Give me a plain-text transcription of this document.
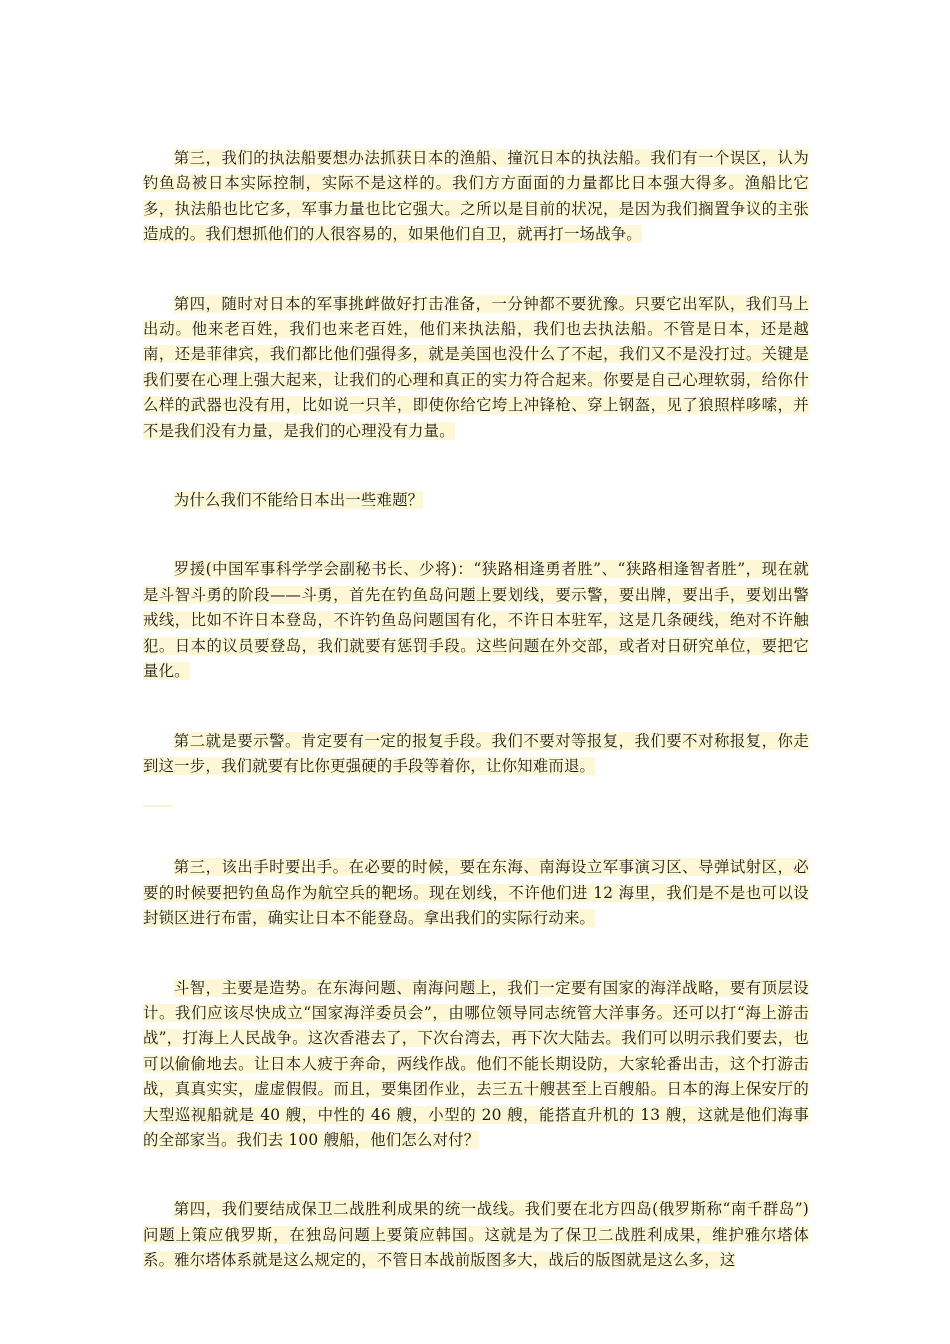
第三，我们的执法船要想办法抓获日本的渔船、撞沉日本的执法船。我们有一个误区，认为钓鱼岛被日本实际控制，实际不是这样的。我们方方面面的力量都比日本强大得多。渔船比它多，执法船也比它多，军事力量也比它强大。之所以是目前的状况，是因为我们搁置争议的主张造成的。我们想抓他们的人很容易的，如果他们自卫，就再打一场战争。

第四，随时对日本的军事挑衅做好打击准备，一分钟都不要犹豫。只要它出军队，我们马上出动。他来老百姓，我们也来老百姓，他们来执法船，我们也去执法船。不管是日本，还是越南，还是菲律宾，我们都比他们强得多，就是美国也没什么了不起，我们又不是没打过。关键是我们要在心理上强大起来，让我们的心理和真正的实力符合起来。你要是自己心理软弱，给你什么样的武器也没有用，比如说一只羊，即使你给它垮上冲锋枪、穿上钢盔，见了狼照样哆嗦，并不是我们没有力量，是我们的心理没有力量。

为什么我们不能给日本出一些难题？

罗援(中国军事科学学会副秘书长、少将)：“狭路相逢勇者胜”、“狭路相逢智者胜”，现在就是斗智斗勇的阶段——斗勇，首先在钓鱼岛问题上要划线，要示警，要出牌，要出手，要划出警戒线，比如不许日本登岛，不许钓鱼岛问题国有化，不许日本驻军，这是几条硬线，绝对不许触犯。日本的议员要登岛，我们就要有惩罚手段。这些问题在外交部，或者对日研究单位，要把它量化。

第二就是要示警。肯定要有一定的报复手段。我们不要对等报复，我们要不对称报复，你走到这一步，我们就要有比你更强硬的手段等着你，让你知难而退。

第三，该出手时要出手。在必要的时候，要在东海、南海设立军事演习区、导弹试射区，必要的时候要把钓鱼岛作为航空兵的靶场。现在划线，不许他们进 12 海里，我们是不是也可以设封锁区进行布雷，确实让日本不能登岛。拿出我们的实际行动来。

斗智，主要是造势。在东海问题、南海问题上，我们一定要有国家的海洋战略，要有顶层设计。我们应该尽快成立“国家海洋委员会”，由哪位领导同志统管大洋事务。还可以打“海上游击战”，打海上人民战争。这次香港去了，下次台湾去，再下次大陆去。我们可以明示我们要去，也可以偷偷地去。让日本人疲于奔命，两线作战。他们不能长期设防，大家轮番出击，这个打游击战，真真实实，虚虚假假。而且，要集团作业，去三五十艘甚至上百艘船。日本的海上保安厅的大型巡视船就是 40 艘，中性的 46 艘，小型的 20 艘，能搭直升机的 13 艘，这就是他们海事的全部家当。我们去 100 艘船，他们怎么对付？

第四，我们要结成保卫二战胜利成果的统一战线。我们要在北方四岛(俄罗斯称“南千群岛”)问题上策应俄罗斯，在独岛问题上要策应韩国。这就是为了保卫二战胜利成果，维护雅尔塔体系。雅尔塔体系就是这么规定的，不管日本战前版图多大，战后的版图就是这么多，这
